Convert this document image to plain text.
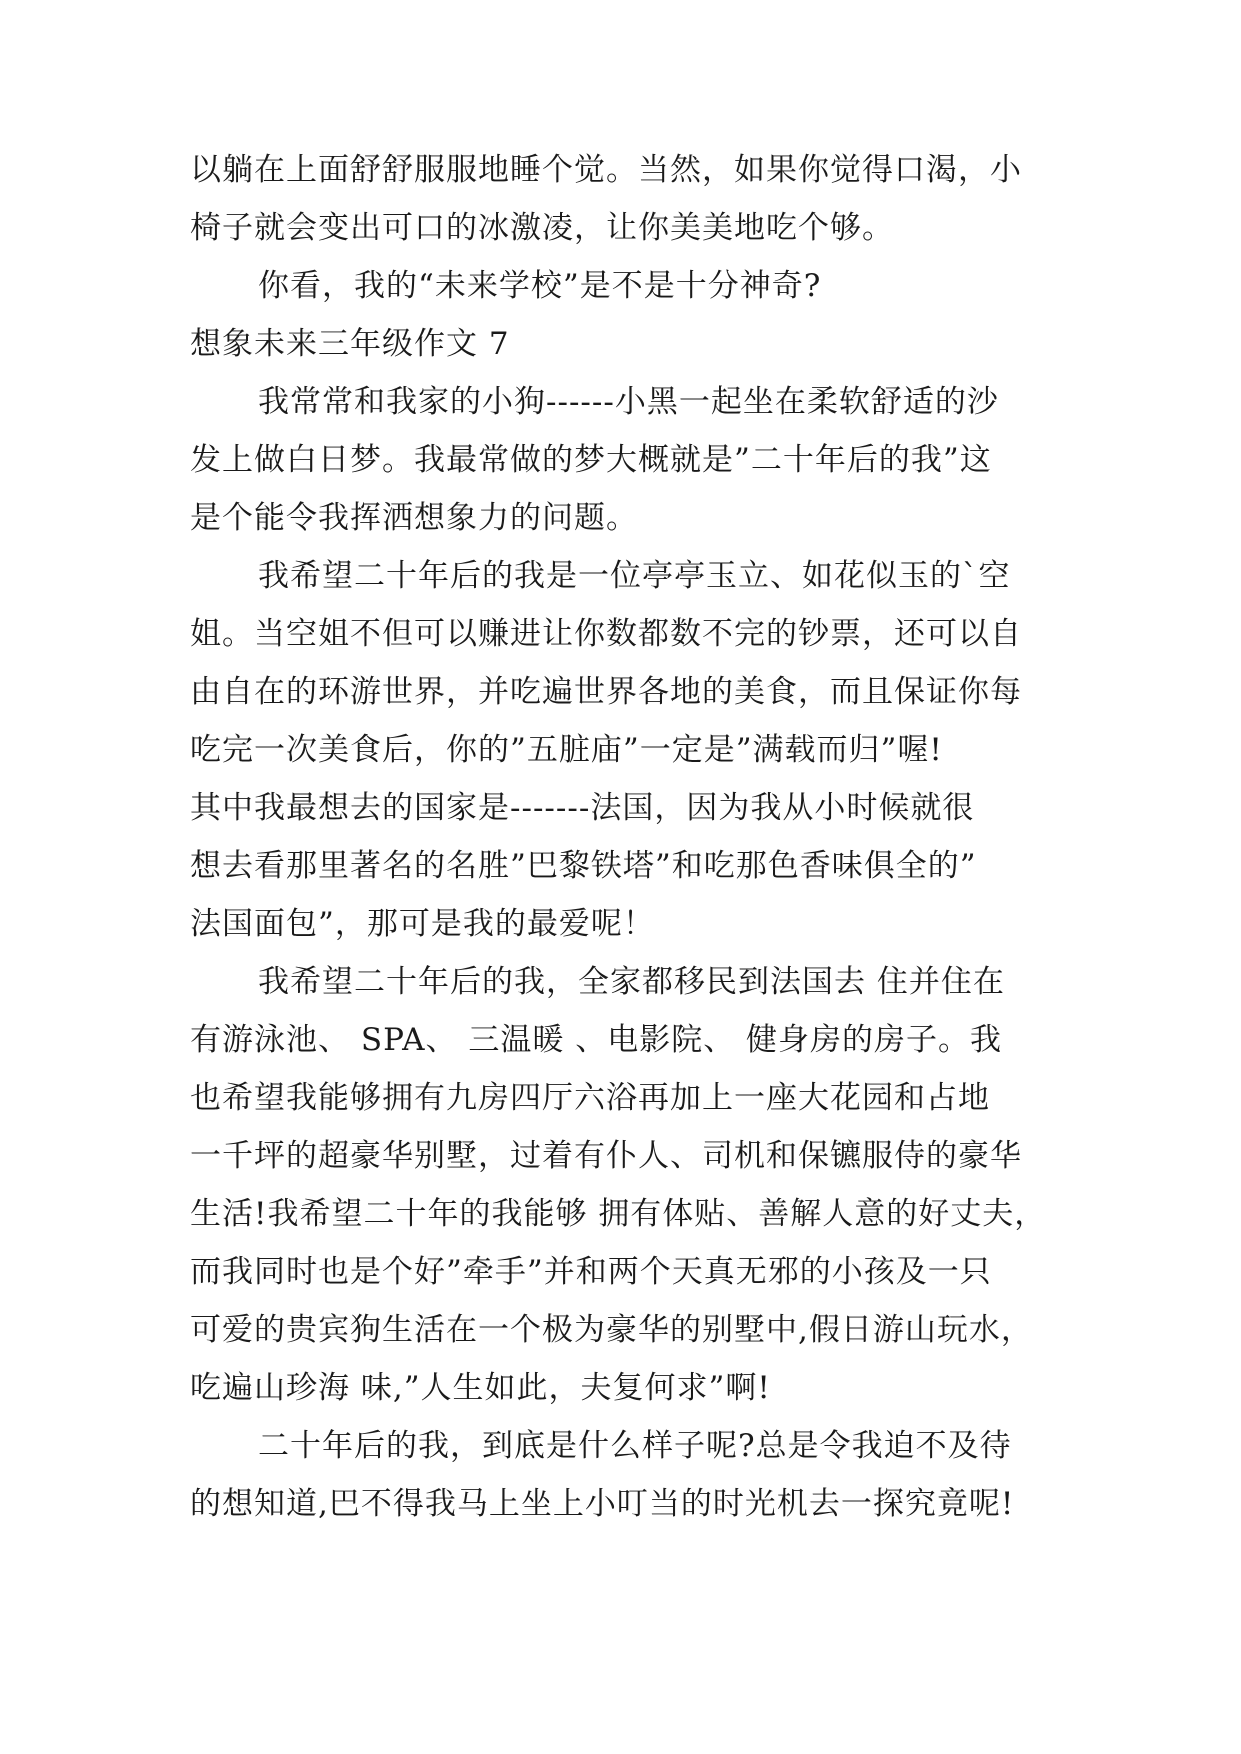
以躺在上面舒舒服服地睡个觉。当然，如果你觉得口渴，小
椅子就会变出可口的冰激凌，让你美美地吃个够。
你看，我的“未来学校”是不是十分神奇?
想象未来三年级作文 7
我常常和我家的小狗------小黑一起坐在柔软舒适的沙
发上做白日梦。我最常做的梦大概就是”二十年后的我”这
是个能令我挥洒想象力的问题。
我希望二十年后的我是一位亭亭玉立、如花似玉的`空
姐。当空姐不但可以赚进让你数都数不完的钞票，还可以自
由自在的环游世界，并吃遍世界各地的美食，而且保证你每
吃完一次美食后，你的”五脏庙”一定是”满载而归”喔!
其中我最想去的国家是-------法国，因为我从小时候就很
想去看那里著名的名胜”巴黎铁塔”和吃那色香味俱全的”
法国面包”，那可是我的最爱呢！
我希望二十年后的我，全家都移民到法国去 住并住在
有游泳池、 SPA、 三温暖 、电影院、 健身房的房子。我
也希望我能够拥有九房四厅六浴再加上一座大花园和占地
一千坪的超豪华别墅，过着有仆人、司机和保镳服侍的豪华
生活!我希望二十年的我能够 拥有体贴、善解人意的好丈夫，
而我同时也是个好”牵手”并和两个天真无邪的小孩及一只
可爱的贵宾狗生活在一个极为豪华的别墅中,假日游山玩水，
吃遍山珍海 味,”人生如此，夫复何求”啊!
二十年后的我，到底是什么样子呢?总是令我迫不及待
的想知道,巴不得我马上坐上小叮当的时光机去一探究竟呢!
